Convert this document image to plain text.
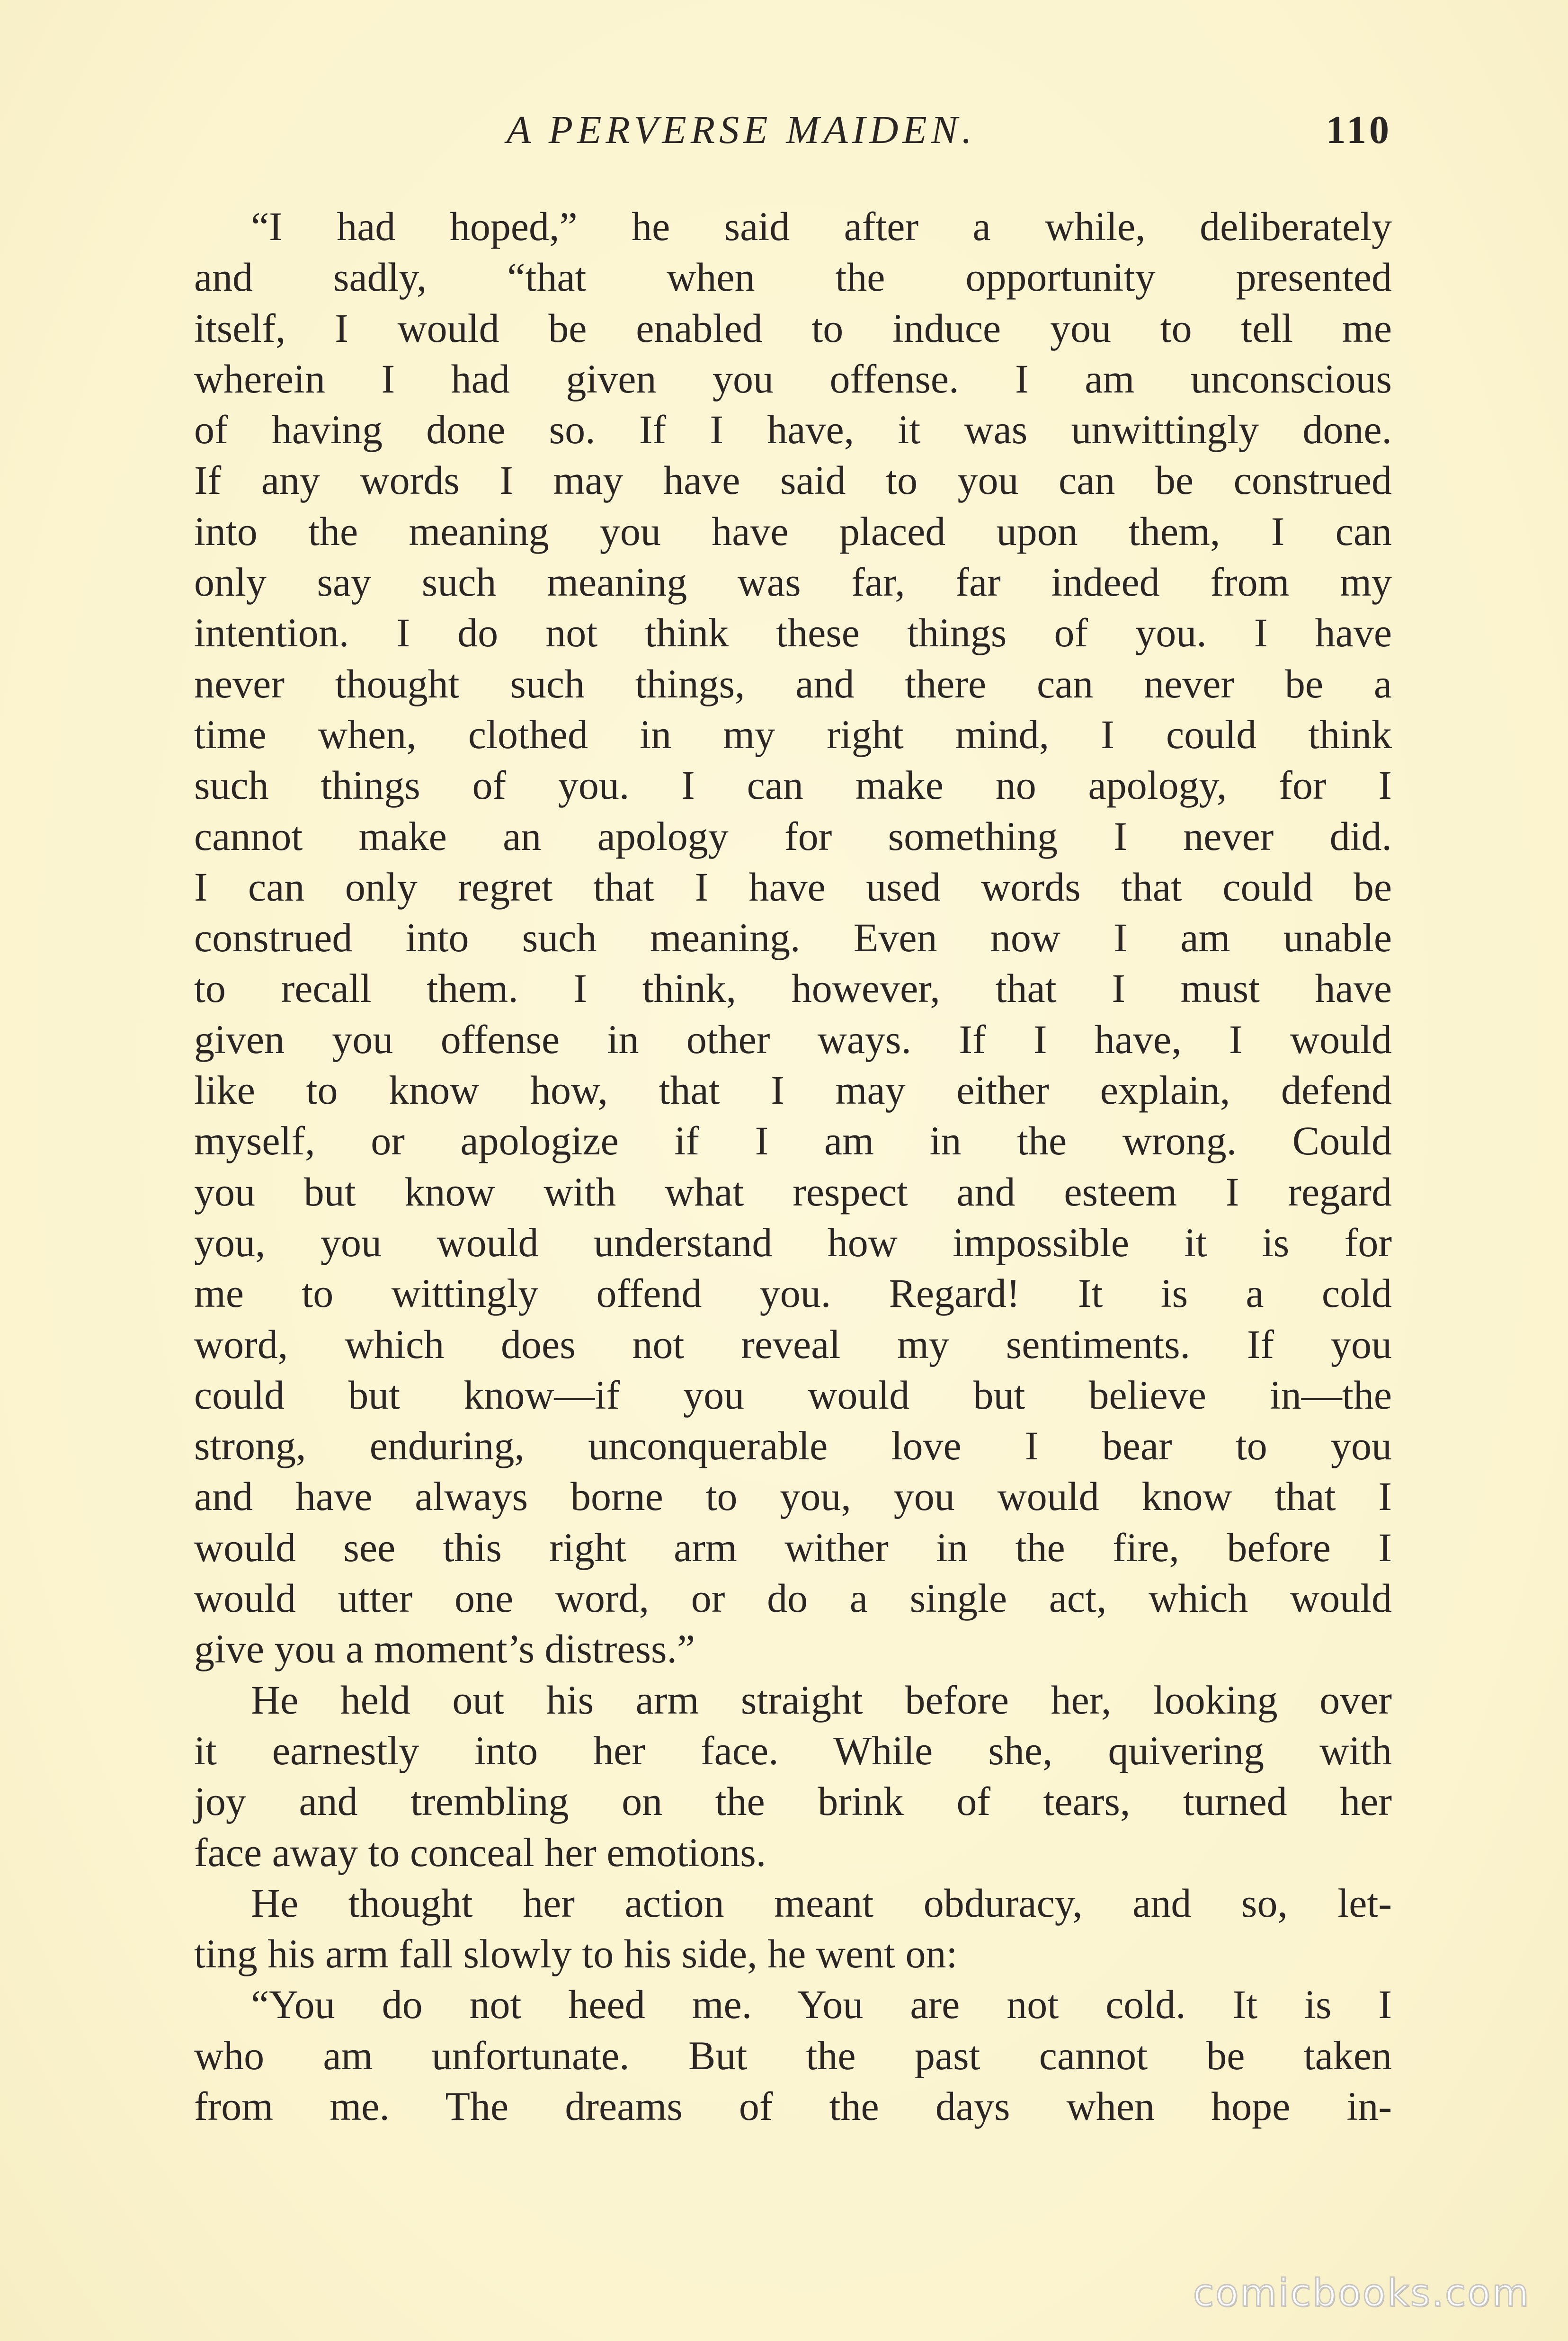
A PERVERSE MAIDEN.	110
“I had hoped,” he said after a while, deliberately
and sadly, “that when the opportunity presented
itself, I would be enabled to induce you to tell me
wherein I had given you offense. I am unconscious
of having done so. If I have, it was unwittingly done.
If any words I may have said to you can be construed
into the meaning you have placed upon them, I can
only say such meaning was far, far indeed from my
intention. I do not think these things of you. I have
never thought such things, and there can never be a
time when, clothed in my right mind, I could think
such things of you. I can make no apology, for I
cannot make an apology for something I never did.
I can only regret that I have used words that could be
construed into such meaning. Even now I am unable
to recall them. I think, however, that I must have
given you offense in other ways. If I have, I would
like to know how, that I may either explain, defend
myself, or apologize if I am in the wrong. Could
you but know with what respect and esteem I regard
you, you would understand how impossible it is for
me to wittingly offend you. Regard! It is a cold
word, which does not reveal my sentiments. If you
could but know—if you would but believe in—the
strong, enduring, unconquerable love I bear to you
and have always borne to you, you would know that I
would see this right arm wither in the fire, before I
would utter one word, or do a single act, which would
give you a moment’s distress.”
He held out his arm straight before her, looking over
it earnestly into her face. While she, quivering with
joy and trembling on the brink of tears, turned her
face away to conceal her emotions.
He thought her action meant obduracy, and so, let-
ting his arm fall slowly to his side, he went on:
“You do not heed me. You are not cold. It is I
who am unfortunate. But the past cannot be taken
from me. The dreams of the days when hope in-
comicbooks.com
